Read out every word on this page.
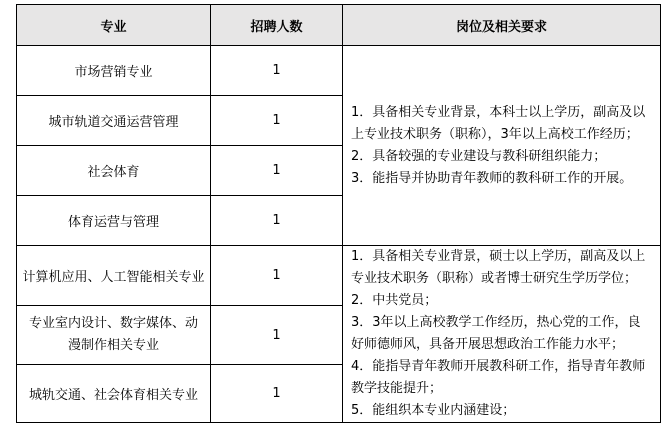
专业	招聘人数	岗位及相关要求
市场营销专业	1	1．具备相关专业背景，本科士以上学历，副高及以上专业技术职务（职称），3年以上高校工作经历；
2．具备较强的专业建设与教科研组织能力；
3．能指导并协助青年教师的教科研工作的开展。

城市轨道交通运营管理	1	
社会体育	1	
体育运营与管理	1	
计算机应用、人工智能相关专业	1	1．具备相关专业背景，硕士以上学历，副高及以上专业技术职务（职称）或者博士研究生学历学位；
2．中共党员；
3．3年以上高校教学工作经历，热心党的工作，良好师德师风，具备开展思想政治工作能力水平；
4．能指导青年教师开展教科研工作，指导青年教师教学技能提升；
5．能组织本专业内涵建设；

专业室内设计、数字媒体、动漫制作相关专业	1	
城轨交通、社会体育相关专业	1	
